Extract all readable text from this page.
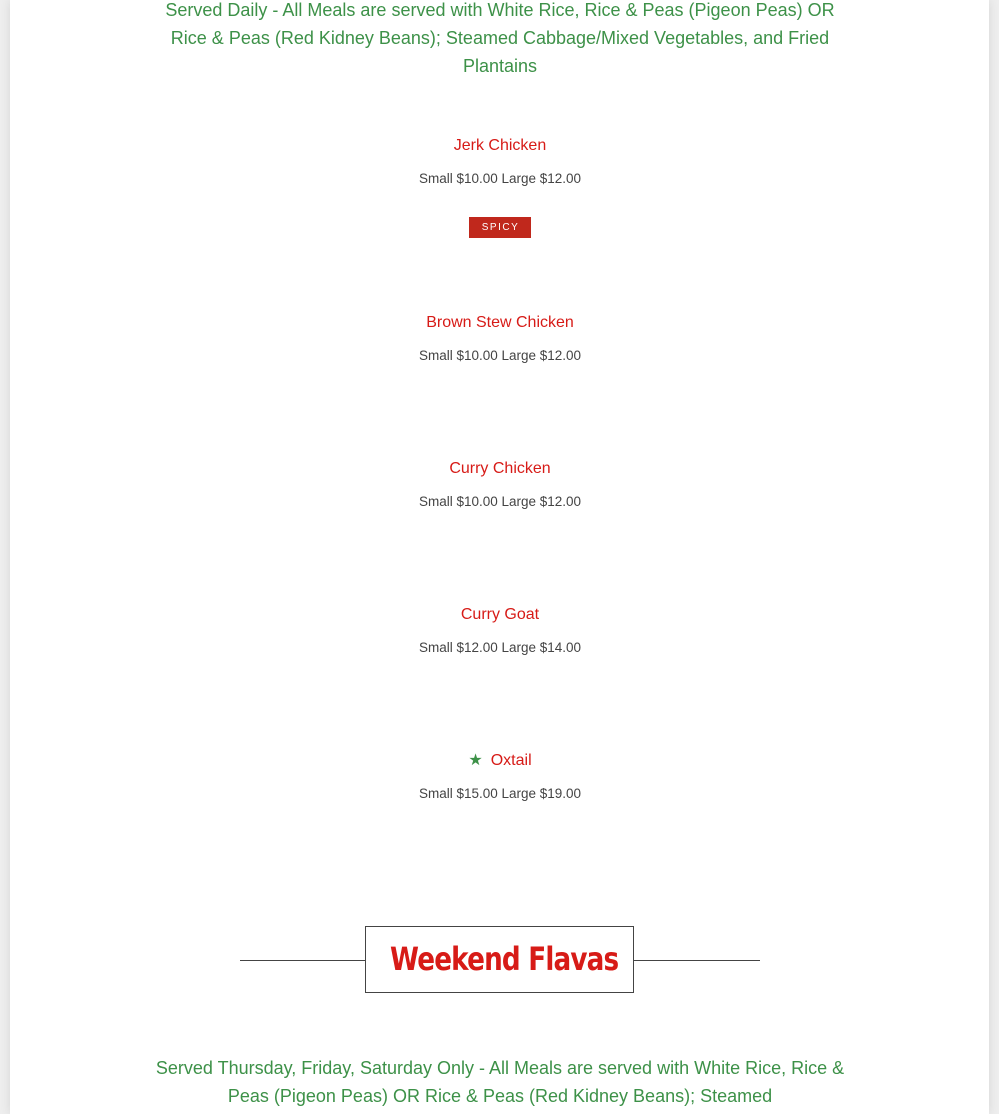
Served Daily - All Meals are served with White Rice, Rice & Peas (Pigeon Peas) OR Rice & Peas (Red Kidney Beans); Steamed Cabbage/Mixed Vegetables, and Fried Plantains

Jerk Chicken
Small $10.00 Large $12.00
SPICY
Brown Stew Chicken
Small $10.00 Large $12.00
Curry Chicken
Small $10.00 Large $12.00
Curry Goat
Small $12.00 Large $14.00
★ Oxtail
Small $15.00 Large $19.00
Weekend Flavas

Served Thursday, Friday, Saturday Only - All Meals are served with White Rice, Rice & Peas (Pigeon Peas) OR Rice & Peas (Red Kidney Beans); Steamed
